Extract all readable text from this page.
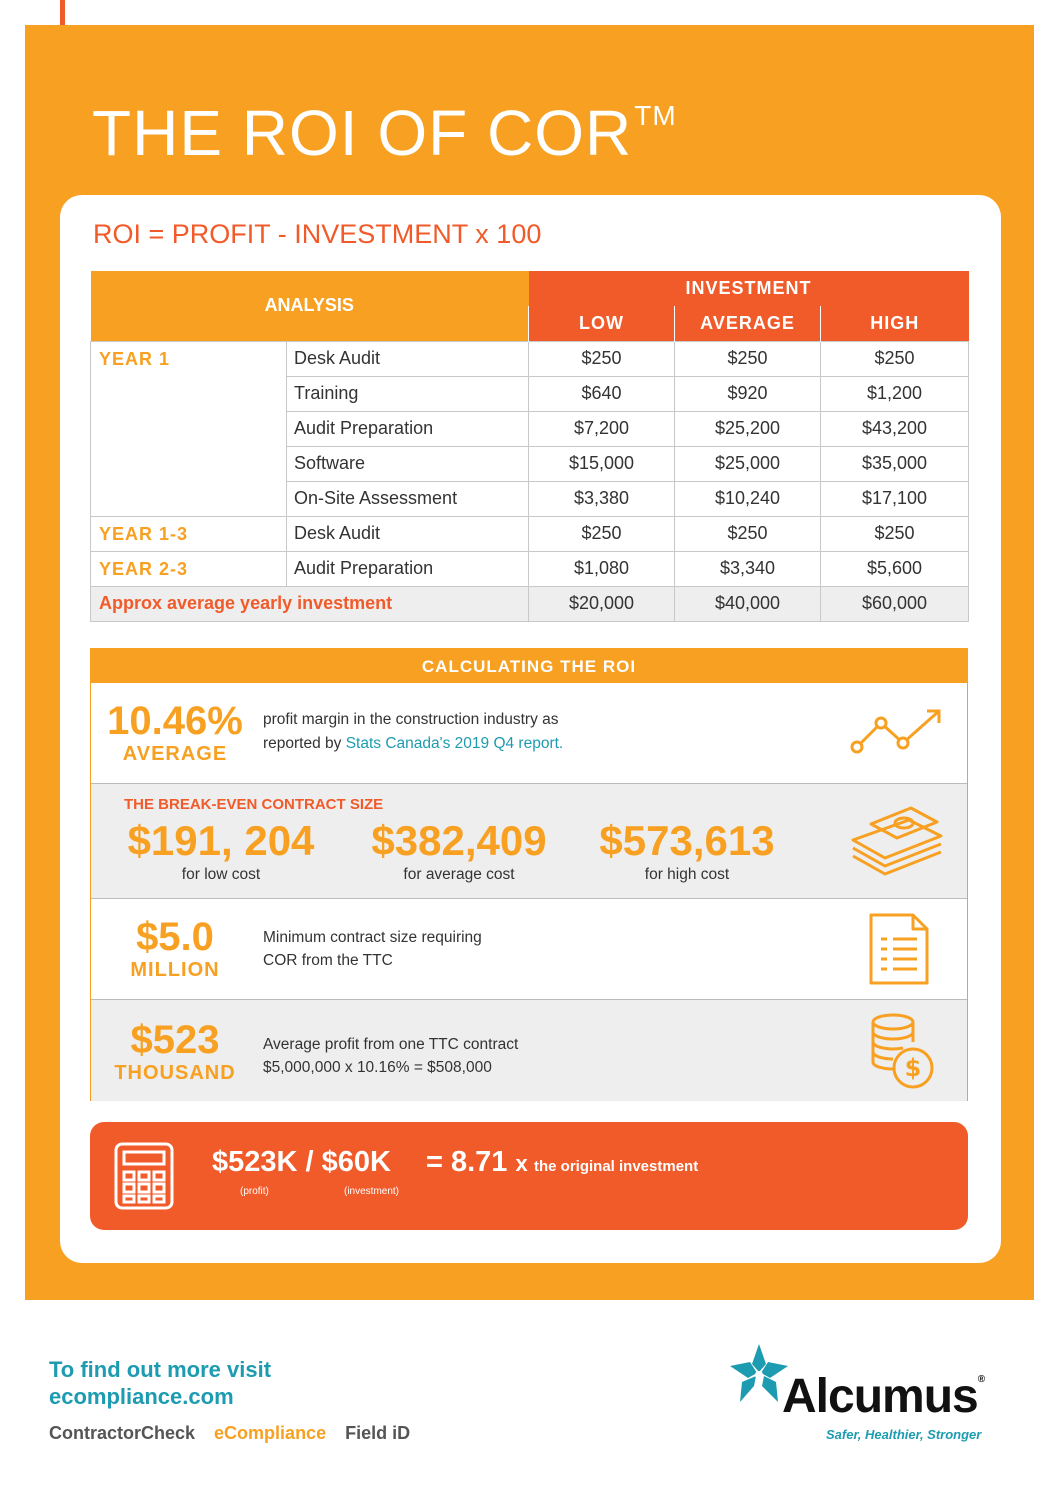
THE ROI OF COR™
ROI = PROFIT - INVESTMENT x 100
ANALYSIS		INVESTMENT		
		LOW	AVERAGE	HIGH
YEAR 1	Desk Audit	$250	$250	$250
	Training	$640	$920	$1,200
	Audit Preparation	$7,200	$25,200	$43,200
	Software	$15,000	$25,000	$35,000
	On-Site Assessment	$3,380	$10,240	$17,100
YEAR 1-3	Desk Audit	$250	$250	$250
YEAR 2-3	Audit Preparation	$1,080	$3,340	$5,600
Approx average yearly investment		$20,000	$40,000	$60,000
CALCULATING THE ROI
10.46%
AVERAGE
profit margin in the construction industry as
reported by Stats Canada's 2019 Q4 report.
THE BREAK-EVEN CONTRACT SIZE
$191, 204
for low cost
$382,409
for average cost
$573,613
for high cost
$5.0
MILLION
Minimum contract size requiring
COR from the TTC
$523
THOUSAND
Average profit from one TTC contract
$5,000,000 x 10.16% = $508,000	$
$523K / $60K = 8.71 x the original investment
(profit)	(investment)
To find out more visit
ecompliance.com
ContractorCheck eCompliance Field iD
Alcumus®
Safer, Healthier, Stronger
